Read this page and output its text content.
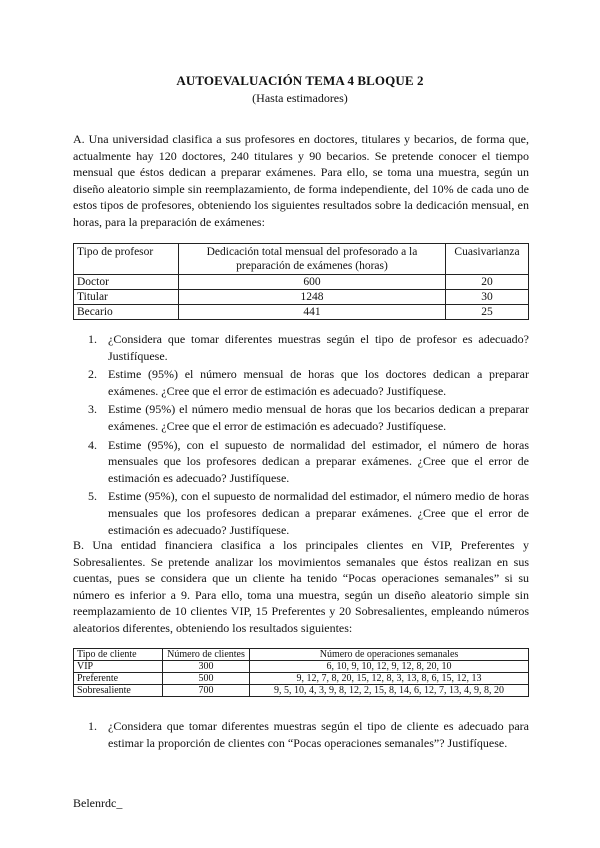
AUTOEVALUACIÓN TEMA 4 BLOQUE 2
(Hasta estimadores)

A. Una universidad clasifica a sus profesores en doctores, titulares y becarios, de forma que, actualmente hay 120 doctores, 240 titulares y 90 becarios. Se pretende conocer el tiempo mensual que éstos dedican a preparar exámenes. Para ello, se toma una muestra, según un diseño aleatorio simple sin reemplazamiento, de forma independiente, del 10% de cada uno de estos tipos de profesores, obteniendo los siguientes resultados sobre la dedicación mensual, en horas, para la preparación de exámenes:

Tipo de profesor	Dedicación total mensual del profesorado a la preparación de exámenes (horas)	Cuasivarianza
Doctor	600	20
Titular	1248	30
Becario	441	25
1. ¿Considera que tomar diferentes muestras según el tipo de profesor es adecuado? Justifíquese.
2. Estime (95%) el número mensual de horas que los doctores dedican a preparar exámenes. ¿Cree que el error de estimación es adecuado? Justifíquese.
3. Estime (95%) el número medio mensual de horas que los becarios dedican a preparar exámenes. ¿Cree que el error de estimación es adecuado? Justifíquese.
4. Estime (95%), con el supuesto de normalidad del estimador, el número de horas mensuales que los profesores dedican a preparar exámenes. ¿Cree que el error de estimación es adecuado? Justifíquese.
5. Estime (95%), con el supuesto de normalidad del estimador, el número medio de horas mensuales que los profesores dedican a preparar exámenes. ¿Cree que el error de estimación es adecuado? Justifíquese.

B. Una entidad financiera clasifica a los principales clientes en VIP, Preferentes y Sobresalientes. Se pretende analizar los movimientos semanales que éstos realizan en sus cuentas, pues se considera que un cliente ha tenido “Pocas operaciones semanales” si su número es inferior a 9. Para ello, toma una muestra, según un diseño aleatorio simple sin reemplazamiento de 10 clientes VIP, 15 Preferentes y 20 Sobresalientes, empleando números aleatorios diferentes, obteniendo los resultados siguientes:

Tipo de cliente	Número de clientes	Número de operaciones semanales
VIP	300	6, 10, 9, 10, 12, 9, 12, 8, 20, 10
Preferente	500	9, 12, 7, 8, 20, 15, 12, 8, 3, 13, 8, 6, 15, 12, 13
Sobresaliente	700	9, 5, 10, 4, 3, 9, 8, 12, 2, 15, 8, 14, 6, 12, 7, 13, 4, 9, 8, 20
1. ¿Considera que tomar diferentes muestras según el tipo de cliente es adecuado para estimar la proporción de clientes con “Pocas operaciones semanales”? Justifíquese.
Belenrdc_
